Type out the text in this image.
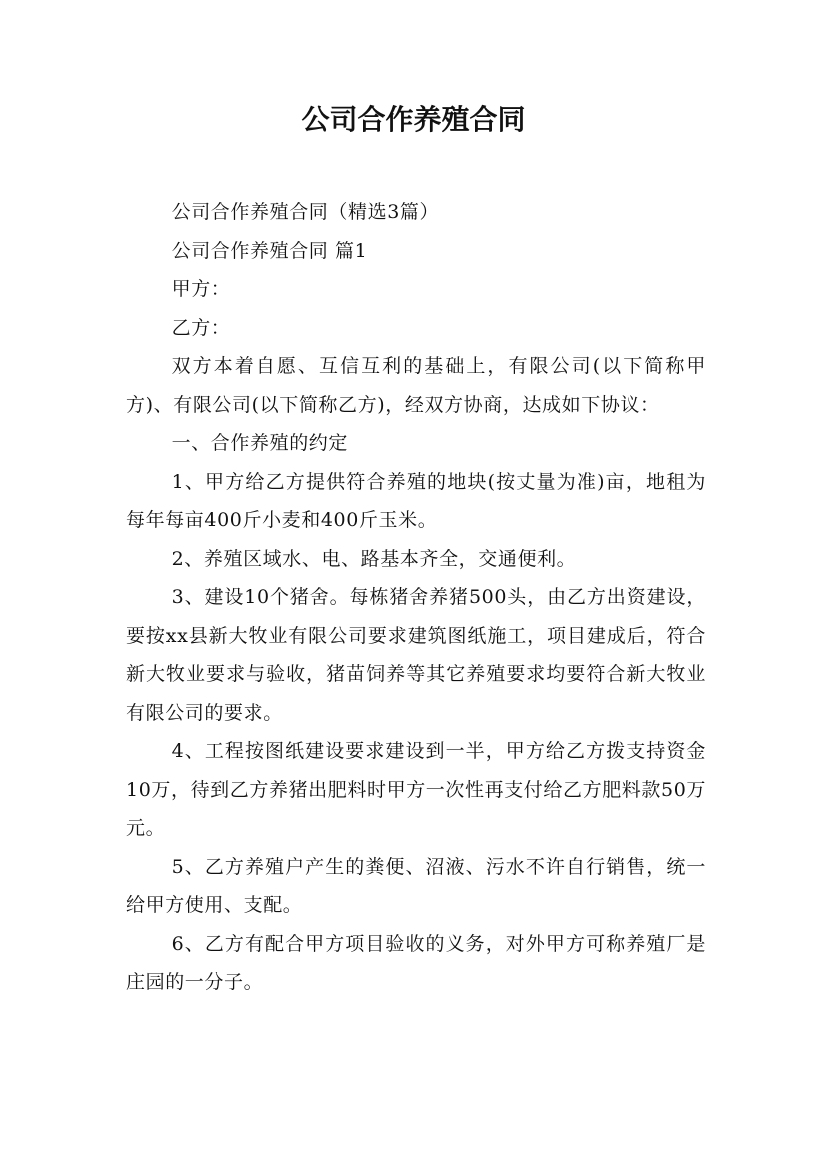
公司合作养殖合同

公司合作养殖合同（精选3篇）

公司合作养殖合同 篇1

甲方：

乙方：

双方本着自愿、互信互利的基础上，有限公司(以下简称甲方)、有限公司(以下简称乙方)，经双方协商，达成如下协议：

一、合作养殖的约定

1、甲方给乙方提供符合养殖的地块(按丈量为准)亩，地租为每年每亩400斤小麦和400斤玉米。

2、养殖区域水、电、路基本齐全，交通便利。

3、建设10个猪舍。每栋猪舍养猪500头，由乙方出资建设，要按xx县新大牧业有限公司要求建筑图纸施工，项目建成后，符合新大牧业要求与验收，猪苗饲养等其它养殖要求均要符合新大牧业有限公司的要求。

4、工程按图纸建设要求建设到一半，甲方给乙方拨支持资金10万，待到乙方养猪出肥料时甲方一次性再支付给乙方肥料款50万元。

5、乙方养殖户产生的粪便、沼液、污水不许自行销售，统一给甲方使用、支配。

6、乙方有配合甲方项目验收的义务，对外甲方可称养殖厂是庄园的一分子。
